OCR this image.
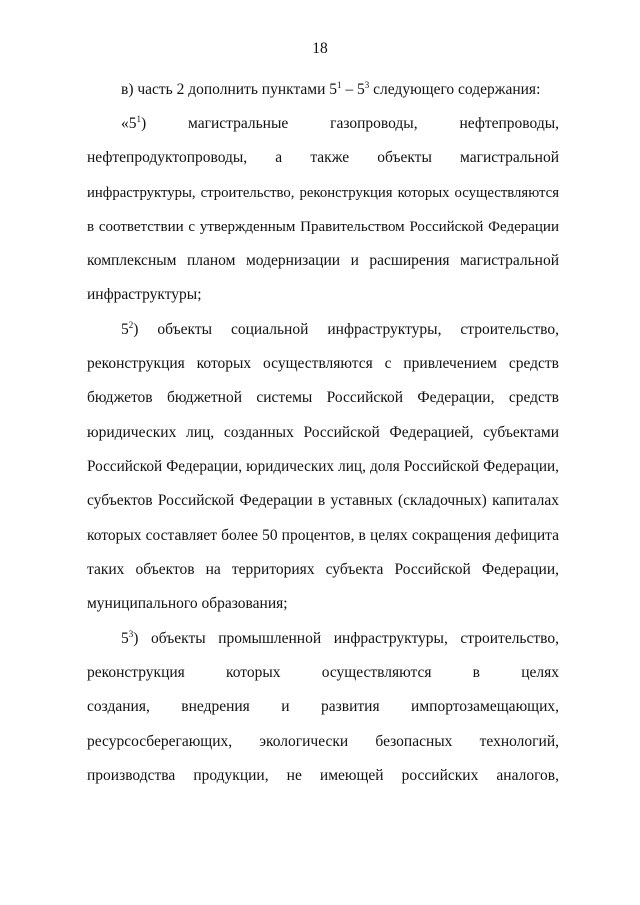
18
в) часть 2 дополнить пунктами $5^1 - 5^3$ следующего содержания:
«$5^1$) магистральные газопроводы, нефтепроводы,
нефтепродуктопроводы, а также объекты магистральной
инфраструктуры, строительство, реконструкция которых осуществляются
в соответствии с утвержденным Правительством Российской Федерации
комплексным планом модернизации и расширения магистральной
инфраструктуры;
$5^2$) объекты социальной инфраструктуры, строительство,
реконструкция которых осуществляются с привлечением средств
бюджетов бюджетной системы Российской Федерации, средств
юридических лиц, созданных Российской Федерацией, субъектами
Российской Федерации, юридических лиц, доля Российской Федерации,
субъектов Российской Федерации в уставных (складочных) капиталах
которых составляет более 50 процентов, в целях сокращения дефицита
таких объектов на территориях субъекта Российской Федерации,
муниципального образования;
$5^3$) объекты промышленной инфраструктуры, строительство,
реконструкция которых осуществляются в целях
создания, внедрения и развития импортозамещающих,
ресурсосберегающих, экологически безопасных технологий,
производства продукции, не имеющей российских аналогов,
